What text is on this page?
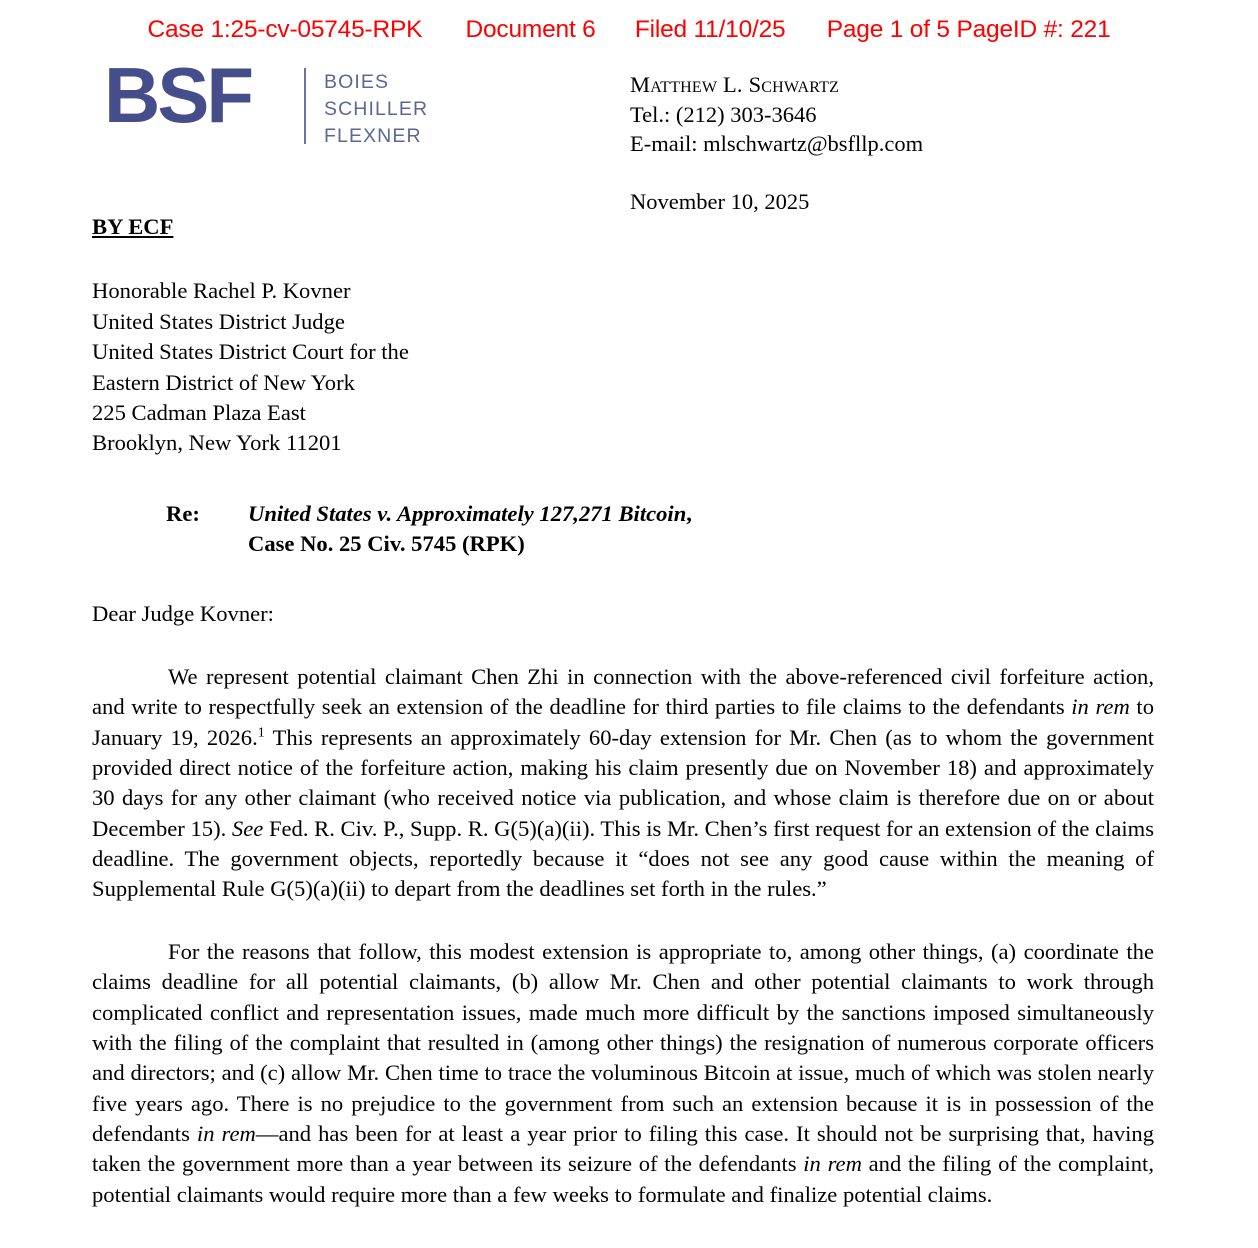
Case 1:25-cv-05745-RPK Document 6 Filed 11/10/25 Page 1 of 5 PageID #: 221
BSF	BOIES
SCHILLER
FLEXNER
Matthew L. Schwartz
Tel.: (212) 303-3646
E-mail: mlschwartz@bsfllp.com
November 10, 2025
BY ECF
Honorable Rachel P. Kovner
United States District Judge
United States District Court for the
Eastern District of New York
225 Cadman Plaza East
Brooklyn, New York 11201
Re:	United States v. Approximately 127,271 Bitcoin,
Case No. 25 Civ. 5745 (RPK)
Dear Judge Kovner:

We represent potential claimant Chen Zhi in connection with the above-referenced civil forfeiture action, and write to respectfully seek an extension of the deadline for third parties to file claims to the defendants in rem to January 19, 2026.$^1$ This represents an approximately 60-day extension for Mr. Chen (as to whom the government provided direct notice of the forfeiture action, making his claim presently due on November 18) and approximately 30 days for any other claimant (who received notice via publication, and whose claim is therefore due on or about December 15). See Fed. R. Civ. P., Supp. R. G(5)(a)(ii). This is Mr. Chen’s first request for an extension of the claims deadline. The government objects, reportedly because it “does not see any good cause within the meaning of Supplemental Rule G(5)(a)(ii) to depart from the deadlines set forth in the rules.”

For the reasons that follow, this modest extension is appropriate to, among other things, (a) coordinate the claims deadline for all potential claimants, (b) allow Mr. Chen and other potential claimants to work through complicated conflict and representation issues, made much more difficult by the sanctions imposed simultaneously with the filing of the complaint that resulted in (among other things) the resignation of numerous corporate officers and directors; and (c) allow Mr. Chen time to trace the voluminous Bitcoin at issue, much of which was stolen nearly five years ago. There is no prejudice to the government from such an extension because it is in possession of the defendants in rem—and has been for at least a year prior to filing this case. It should not be surprising that, having taken the government more than a year between its seizure of the defendants in rem and the filing of the complaint, potential claimants would require more than a few weeks to formulate and finalize potential claims.
